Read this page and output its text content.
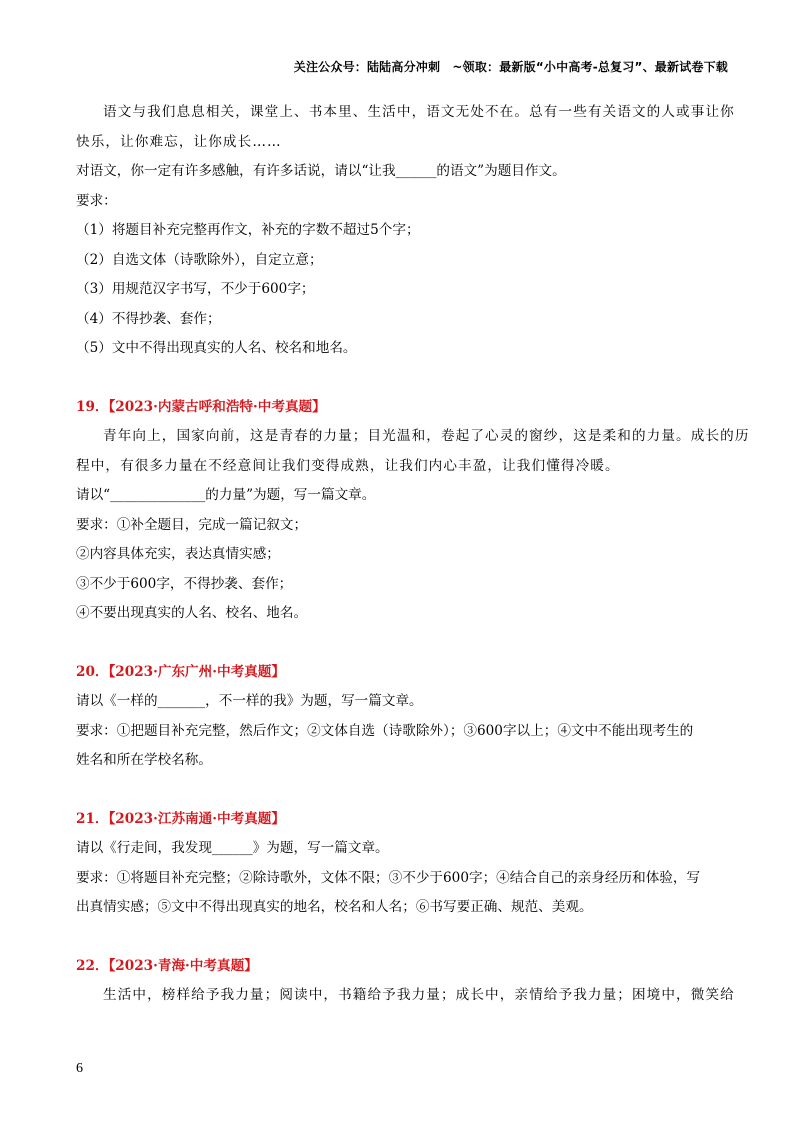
关注公众号：陆陆高分冲刺　~领取：最新版“小中高考-总复习”、最新试卷下载
语文与我们息息相关，课堂上、书本里、生活中，语文无处不在。总有一些有关语文的人或事让你
快乐，让你难忘，让你成长……
对语文，你一定有许多感触，有许多话说，请以“让我______的语文”为题目作文。
要求：
（1）将题目补充完整再作文，补充的字数不超过5个字；
（2）自选文体（诗歌除外），自定立意；
（3）用规范汉字书写，不少于600字；
（4）不得抄袭、套作；
（5）文中不得出现真实的人名、校名和地名。
19．【2023·内蒙古呼和浩特·中考真题】
青年向上，国家向前，这是青春的力量；目光温和，卷起了心灵的窗纱，这是柔和的力量。成长的历
程中，有很多力量在不经意间让我们变得成熟，让我们内心丰盈，让我们懂得冷暖。
请以“______________的力量”为题，写一篇文章。
要求：①补全题目，完成一篇记叙文；
②内容具体充实，表达真情实感；
③不少于600字，不得抄袭、套作；
④不要出现真实的人名、校名、地名。
20．【2023·广东广州·中考真题】
请以《一样的_______，不一样的我》为题，写一篇文章。
要求：①把题目补充完整，然后作文；②文体自选（诗歌除外）；③600字以上；④文中不能出现考生的
姓名和所在学校名称。
21．【2023·江苏南通·中考真题】
请以《行走间，我发现______》为题，写一篇文章。
要求：①将题目补充完整；②除诗歌外，文体不限；③不少于600字；④结合自己的亲身经历和体验，写
出真情实感；⑤文中不得出现真实的地名，校名和人名；⑥书写要正确、规范、美观。
22．【2023·青海·中考真题】
生活中，榜样给予我力量；阅读中，书籍给予我力量；成长中，亲情给予我力量；困境中，微笑给
6
